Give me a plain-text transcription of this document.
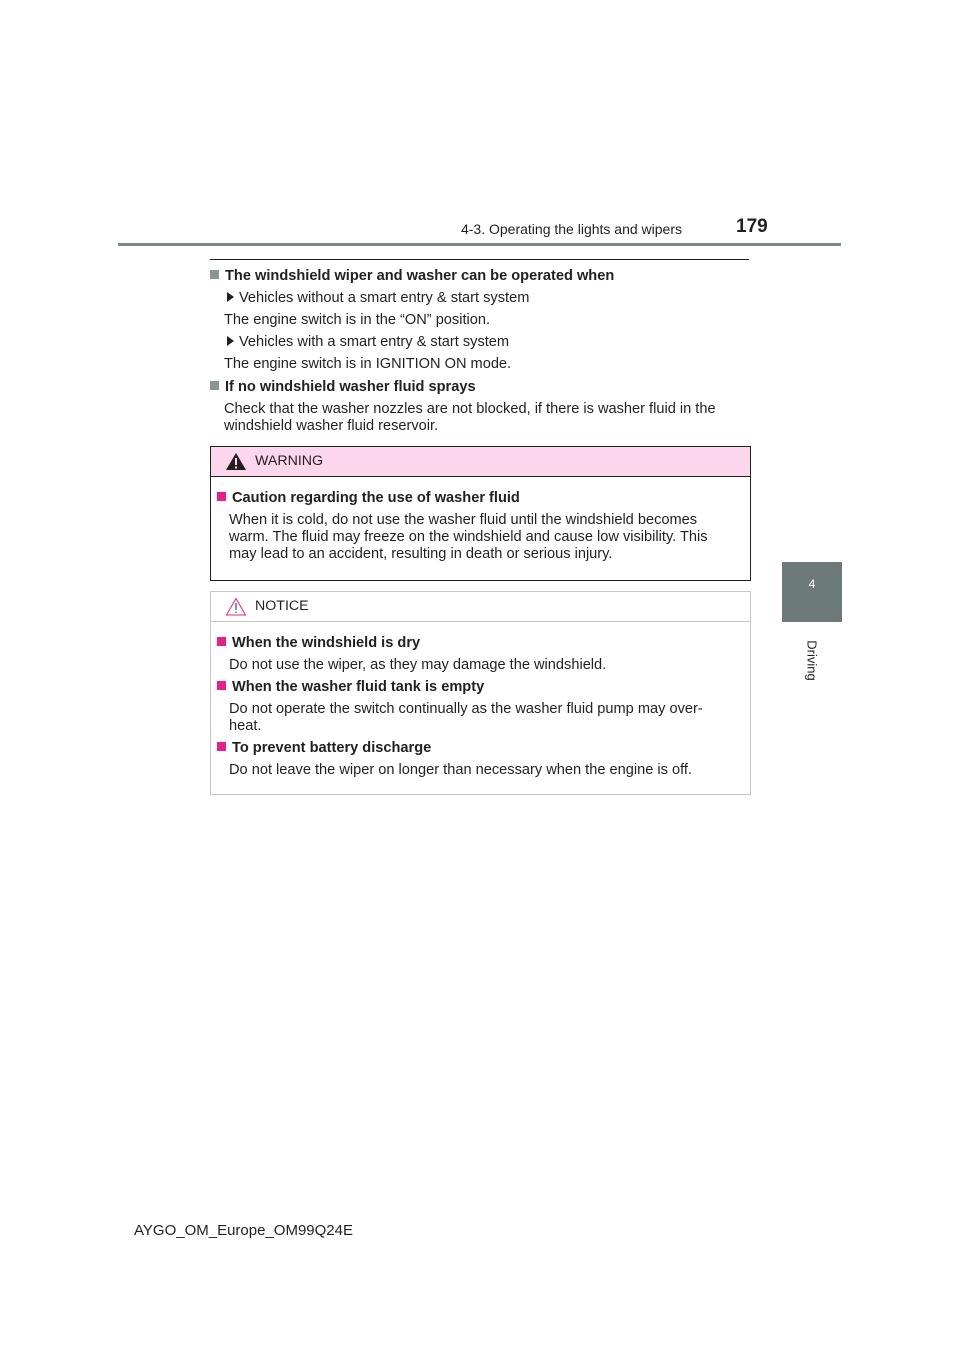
4-3. Operating the lights and wipers	179
4
Driving
The windshield wiper and washer can be operated when
Vehicles without a smart entry & start system
The engine switch is in the “ON” position.
Vehicles with a smart entry & start system
The engine switch is in IGNITION ON mode.
If no windshield washer fluid sprays
Check that the washer nozzles are not blocked, if there is washer fluid in the
windshield washer fluid reservoir.
WARNING
Caution regarding the use of washer fluid
When it is cold, do not use the washer fluid until the windshield becomes
warm. The fluid may freeze on the windshield and cause low visibility. This
may lead to an accident, resulting in death or serious injury.
NOTICE
When the windshield is dry
Do not use the wiper, as they may damage the windshield.
When the washer fluid tank is empty
Do not operate the switch continually as the washer fluid pump may over-
heat.
To prevent battery discharge
Do not leave the wiper on longer than necessary when the engine is off.
AYGO_OM_Europe_OM99Q24E
